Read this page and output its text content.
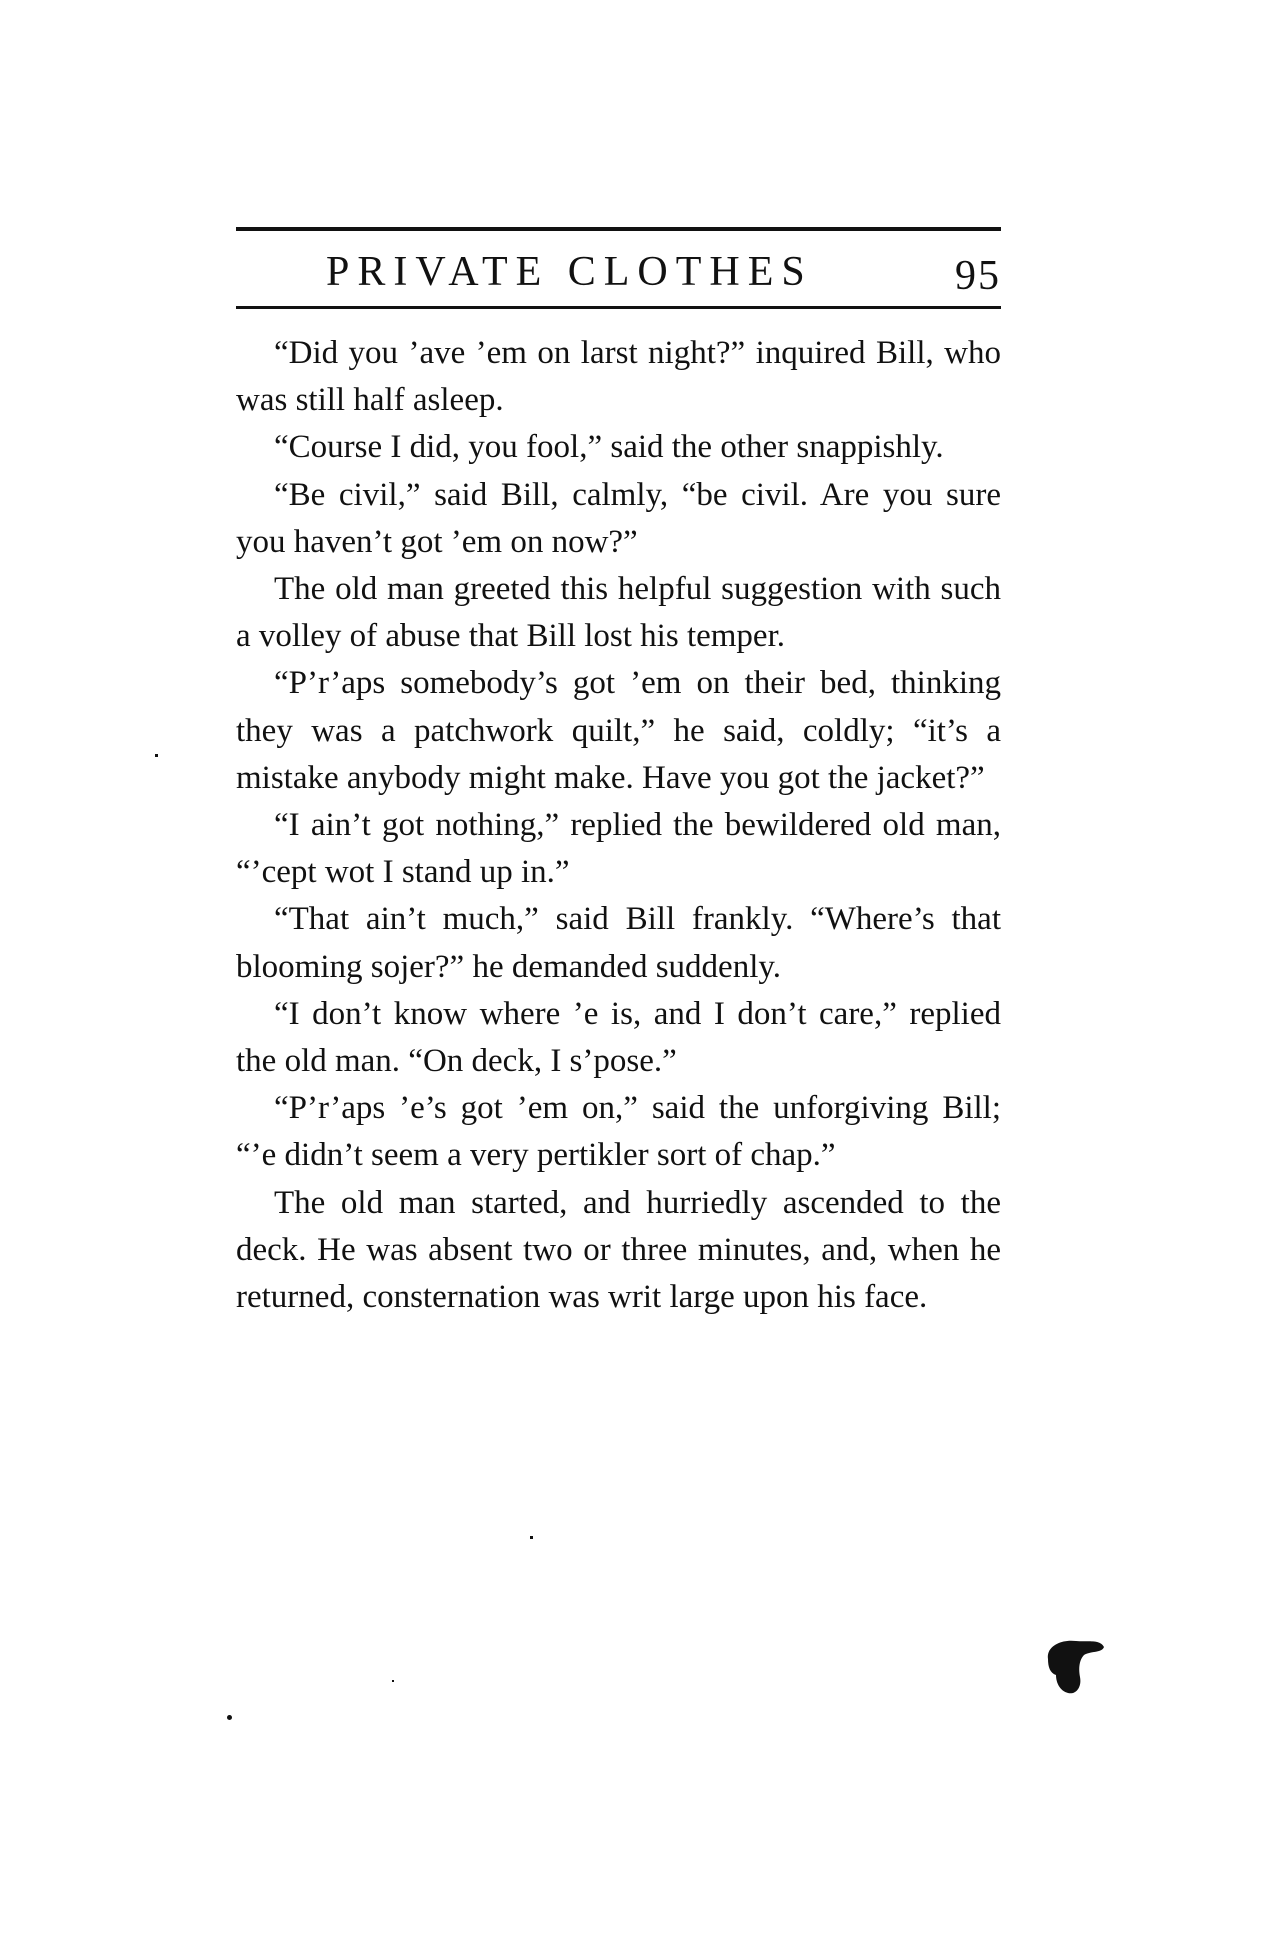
PRIVATE CLOTHES	95

“Did you ’ave ’em on larst night?” inquired Bill, who was still half asleep.

“Course I did, you fool,” said the other snappishly.

“Be civil,” said Bill, calmly, “be civil. Are you sure you haven’t got ’em on now?”

The old man greeted this helpful suggestion with such a volley of abuse that Bill lost his temper.

“P’r’aps somebody’s got ’em on their bed, thinking they was a patchwork quilt,” he said, coldly; “it’s a mistake anybody might make. Have you got the jacket?”

“I ain’t got nothing,” replied the bewildered old man, “’cept wot I stand up in.”

“That ain’t much,” said Bill frankly. “Where’s that blooming sojer?” he demanded suddenly.

“I don’t know where ’e is, and I don’t care,” replied the old man. “On deck, I s’pose.”

“P’r’aps ’e’s got ’em on,” said the unforgiving Bill; “’e didn’t seem a very pertikler sort of chap.”

The old man started, and hurriedly ascended to the deck. He was absent two or three minutes, and, when he returned, consternation was writ large upon his face.
